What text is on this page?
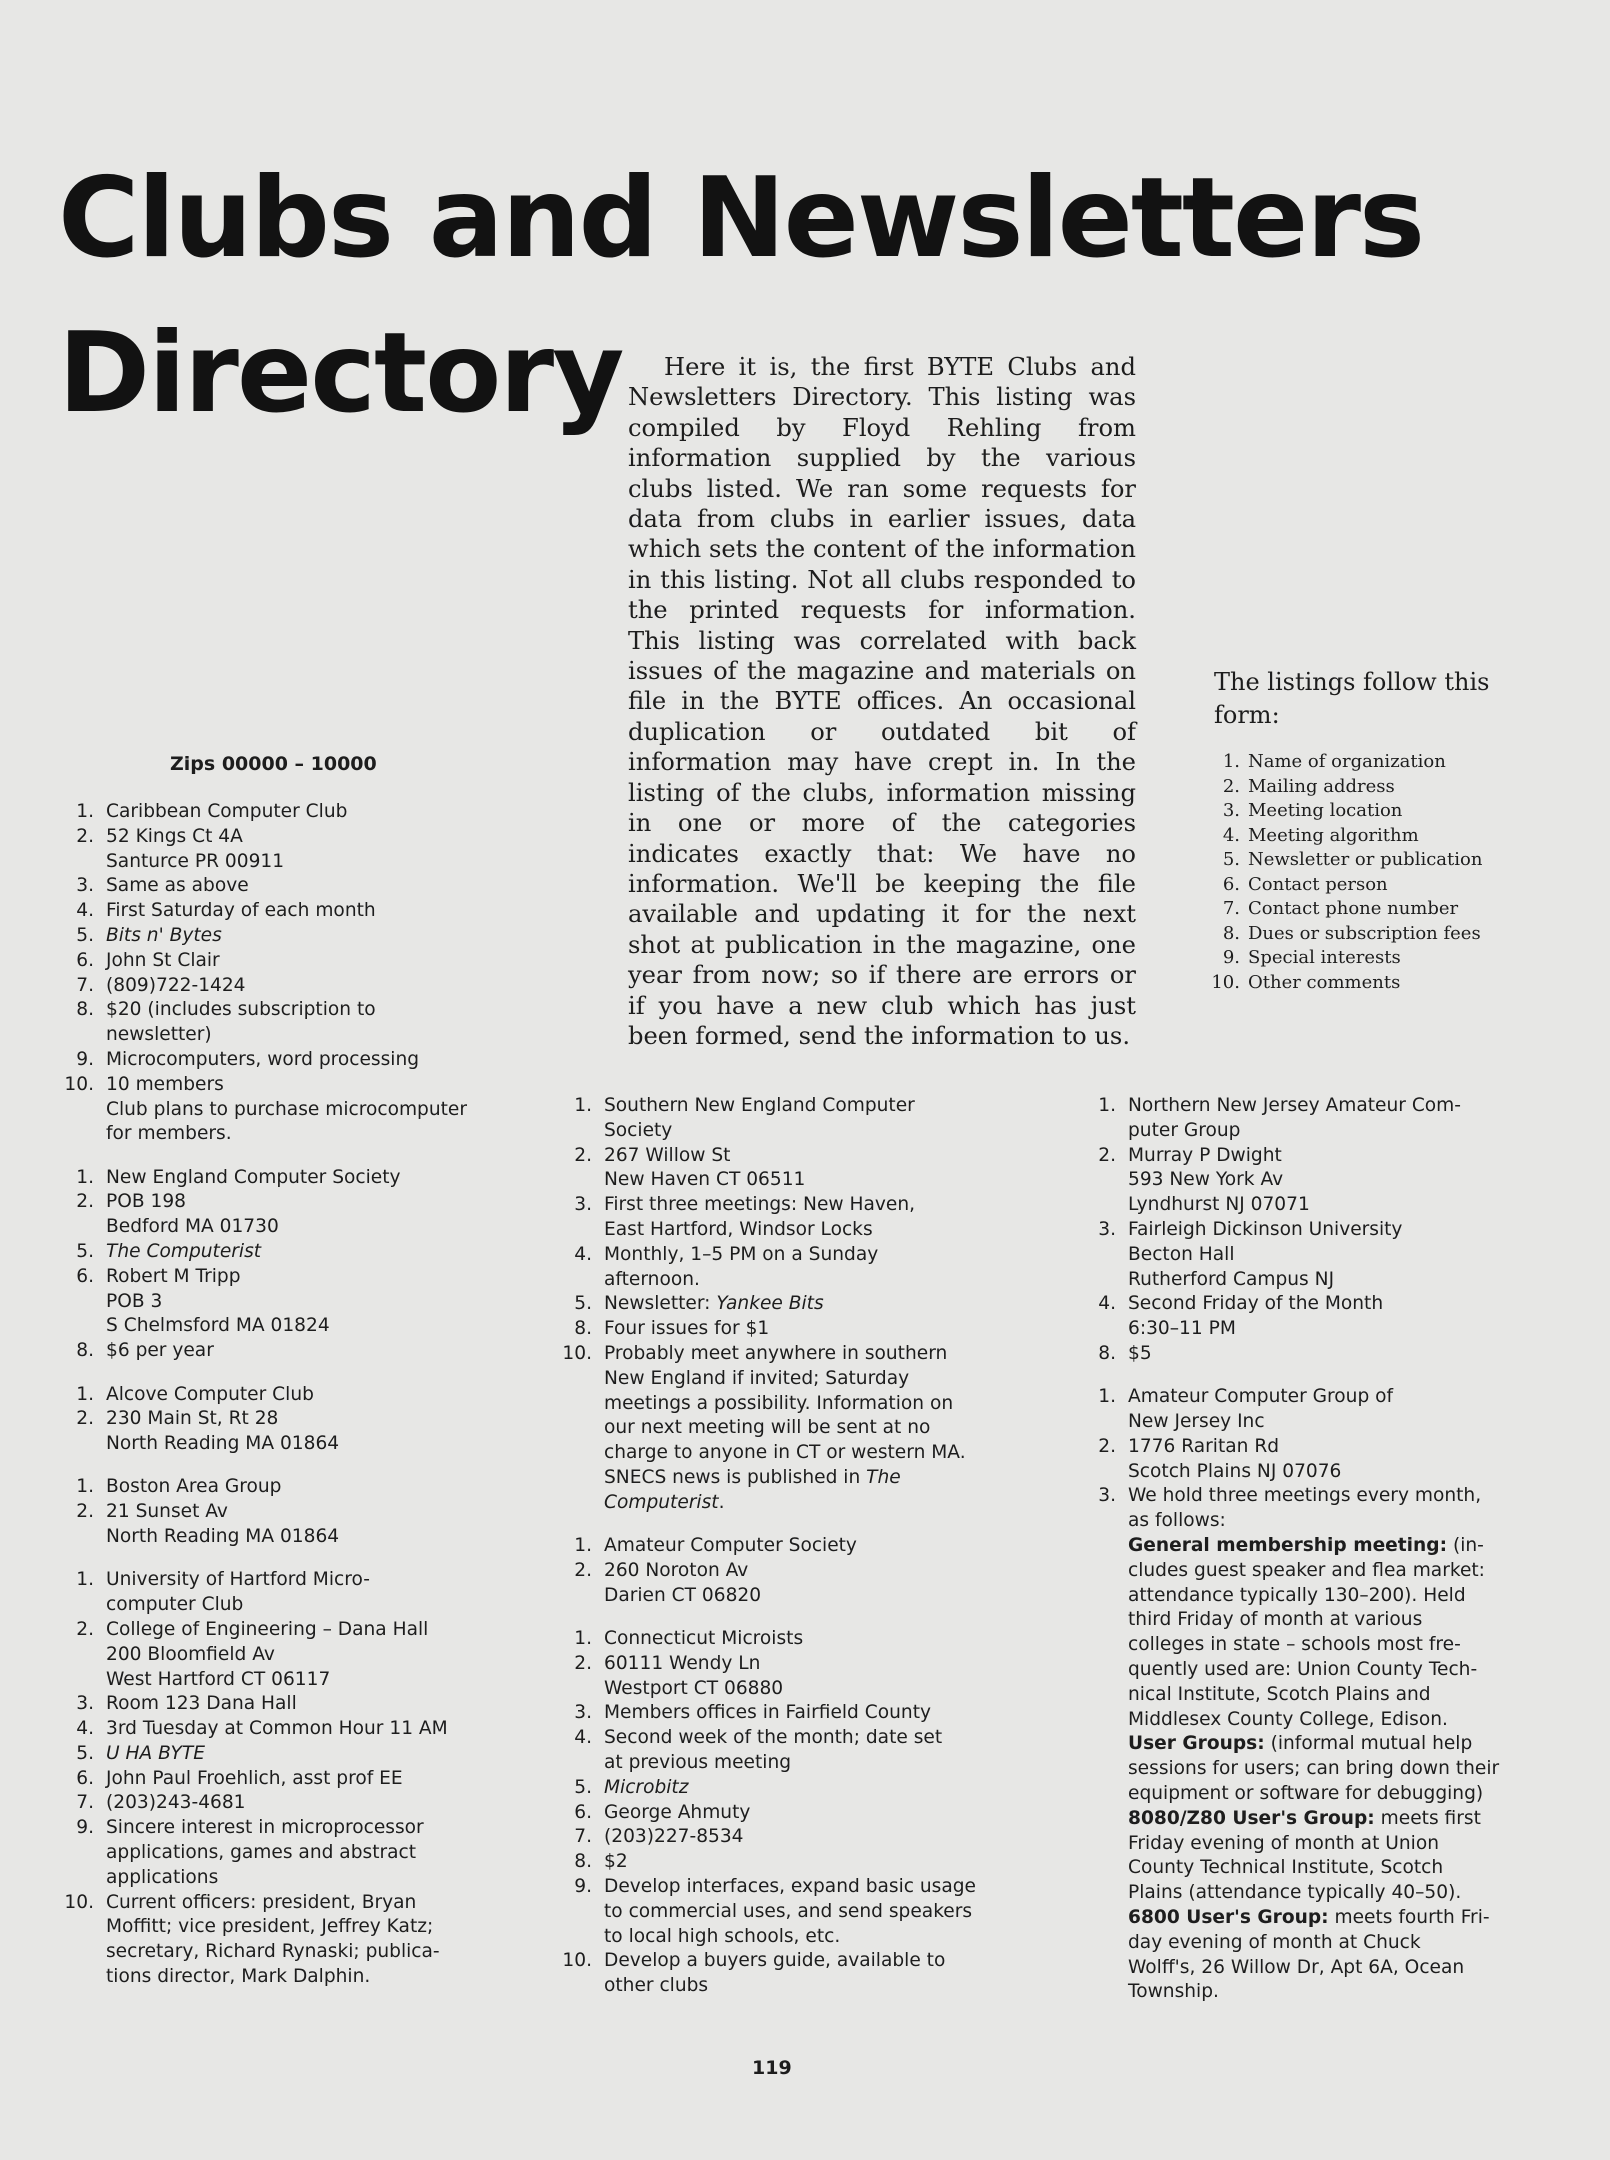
Clubs and Newsletters
Directory	Here it is, the first BYTE Clubs and Newsletters Directory. This listing was compiled by Floyd Rehling from information supplied by the various clubs listed. We ran some requests for data from clubs in earlier issues, data which sets the content of the information in this listing. Not all clubs responded to the printed requests for information. This listing was correlated with back issues of the magazine and materials on file in the BYTE offices. An occasional duplication or outdated bit of information may have crept in. In the listing of the clubs, information missing in one or more of the categories indicates exactly that: We have no information. We'll be keeping the file available and updating it for the next shot at publication in the magazine, one year from now; so if there are errors or if you have a new club which has just been formed, send the information to us.

The listings follow this form:

1. Name of organization
2. Mailing address
3. Meeting location
4. Meeting algorithm
5. Newsletter or publication
6. Contact person
7. Contact phone number
8. Dues or subscription fees
9. Special interests
10. Other comments

Zips 00000 – 10000

1. Caribbean Computer Club
2. 52 Kings Ct 4A
Santurce PR 00911
3. Same as above
4. First Saturday of each month
5. Bits n' Bytes
6. John St Clair
7. (809)722-1424
8. $20 (includes subscription to
newsletter)
9. Microcomputers, word processing
10. 10 members
Club plans to purchase microcomputer
for members.
1. New England Computer Society
2. POB 198
Bedford MA 01730
5. The Computerist
6. Robert M Tripp
POB 3
S Chelmsford MA 01824
8. $6 per year
1. Alcove Computer Club
2. 230 Main St, Rt 28
North Reading MA 01864
1. Boston Area Group
2. 21 Sunset Av
North Reading MA 01864
1. University of Hartford Micro-
computer Club
2. College of Engineering – Dana Hall
200 Bloomfield Av
West Hartford CT 06117
3. Room 123 Dana Hall
4. 3rd Tuesday at Common Hour 11 AM
5. U HA BYTE
6. John Paul Froehlich, asst prof EE
7. (203)243-4681
9. Sincere interest in microprocessor
applications, games and abstract
applications
10. Current officers: president, Bryan
Moffitt; vice president, Jeffrey Katz;
secretary, Richard Rynaski; publica-
tions director, Mark Dalphin.
1. Southern New England Computer
Society
2. 267 Willow St
New Haven CT 06511
3. First three meetings: New Haven,
East Hartford, Windsor Locks
4. Monthly, 1–5 PM on a Sunday
afternoon.
5. Newsletter: Yankee Bits
8. Four issues for $1
10. Probably meet anywhere in southern
New England if invited; Saturday
meetings a possibility. Information on
our next meeting will be sent at no
charge to anyone in CT or western MA.
SNECS news is published in The
Computerist.
1. Amateur Computer Society
2. 260 Noroton Av
Darien CT 06820
1. Connecticut Microists
2. 60111 Wendy Ln
Westport CT 06880
3. Members offices in Fairfield County
4. Second week of the month; date set
at previous meeting
5. Microbitz
6. George Ahmuty
7. (203)227-8534
8. $2
9. Develop interfaces, expand basic usage
to commercial uses, and send speakers
to local high schools, etc.
10. Develop a buyers guide, available to
other clubs
1. Northern New Jersey Amateur Com-
puter Group
2. Murray P Dwight
593 New York Av
Lyndhurst NJ 07071
3. Fairleigh Dickinson University
Becton Hall
Rutherford Campus NJ
4. Second Friday of the Month
6:30–11 PM
8. $5
1. Amateur Computer Group of
New Jersey Inc
2. 1776 Raritan Rd
Scotch Plains NJ 07076
3. We hold three meetings every month,
as follows:
General membership meeting: (in-
cludes guest speaker and flea market:
attendance typically 130–200). Held
third Friday of month at various
colleges in state – schools most fre-
quently used are: Union County Tech-
nical Institute, Scotch Plains and
Middlesex County College, Edison.
User Groups: (informal mutual help
sessions for users; can bring down their
equipment or software for debugging)
8080/Z80 User's Group: meets first
Friday evening of month at Union
County Technical Institute, Scotch
Plains (attendance typically 40–50).
6800 User's Group: meets fourth Fri-
day evening of month at Chuck
Wolff's, 26 Willow Dr, Apt 6A, Ocean
Township.
119
